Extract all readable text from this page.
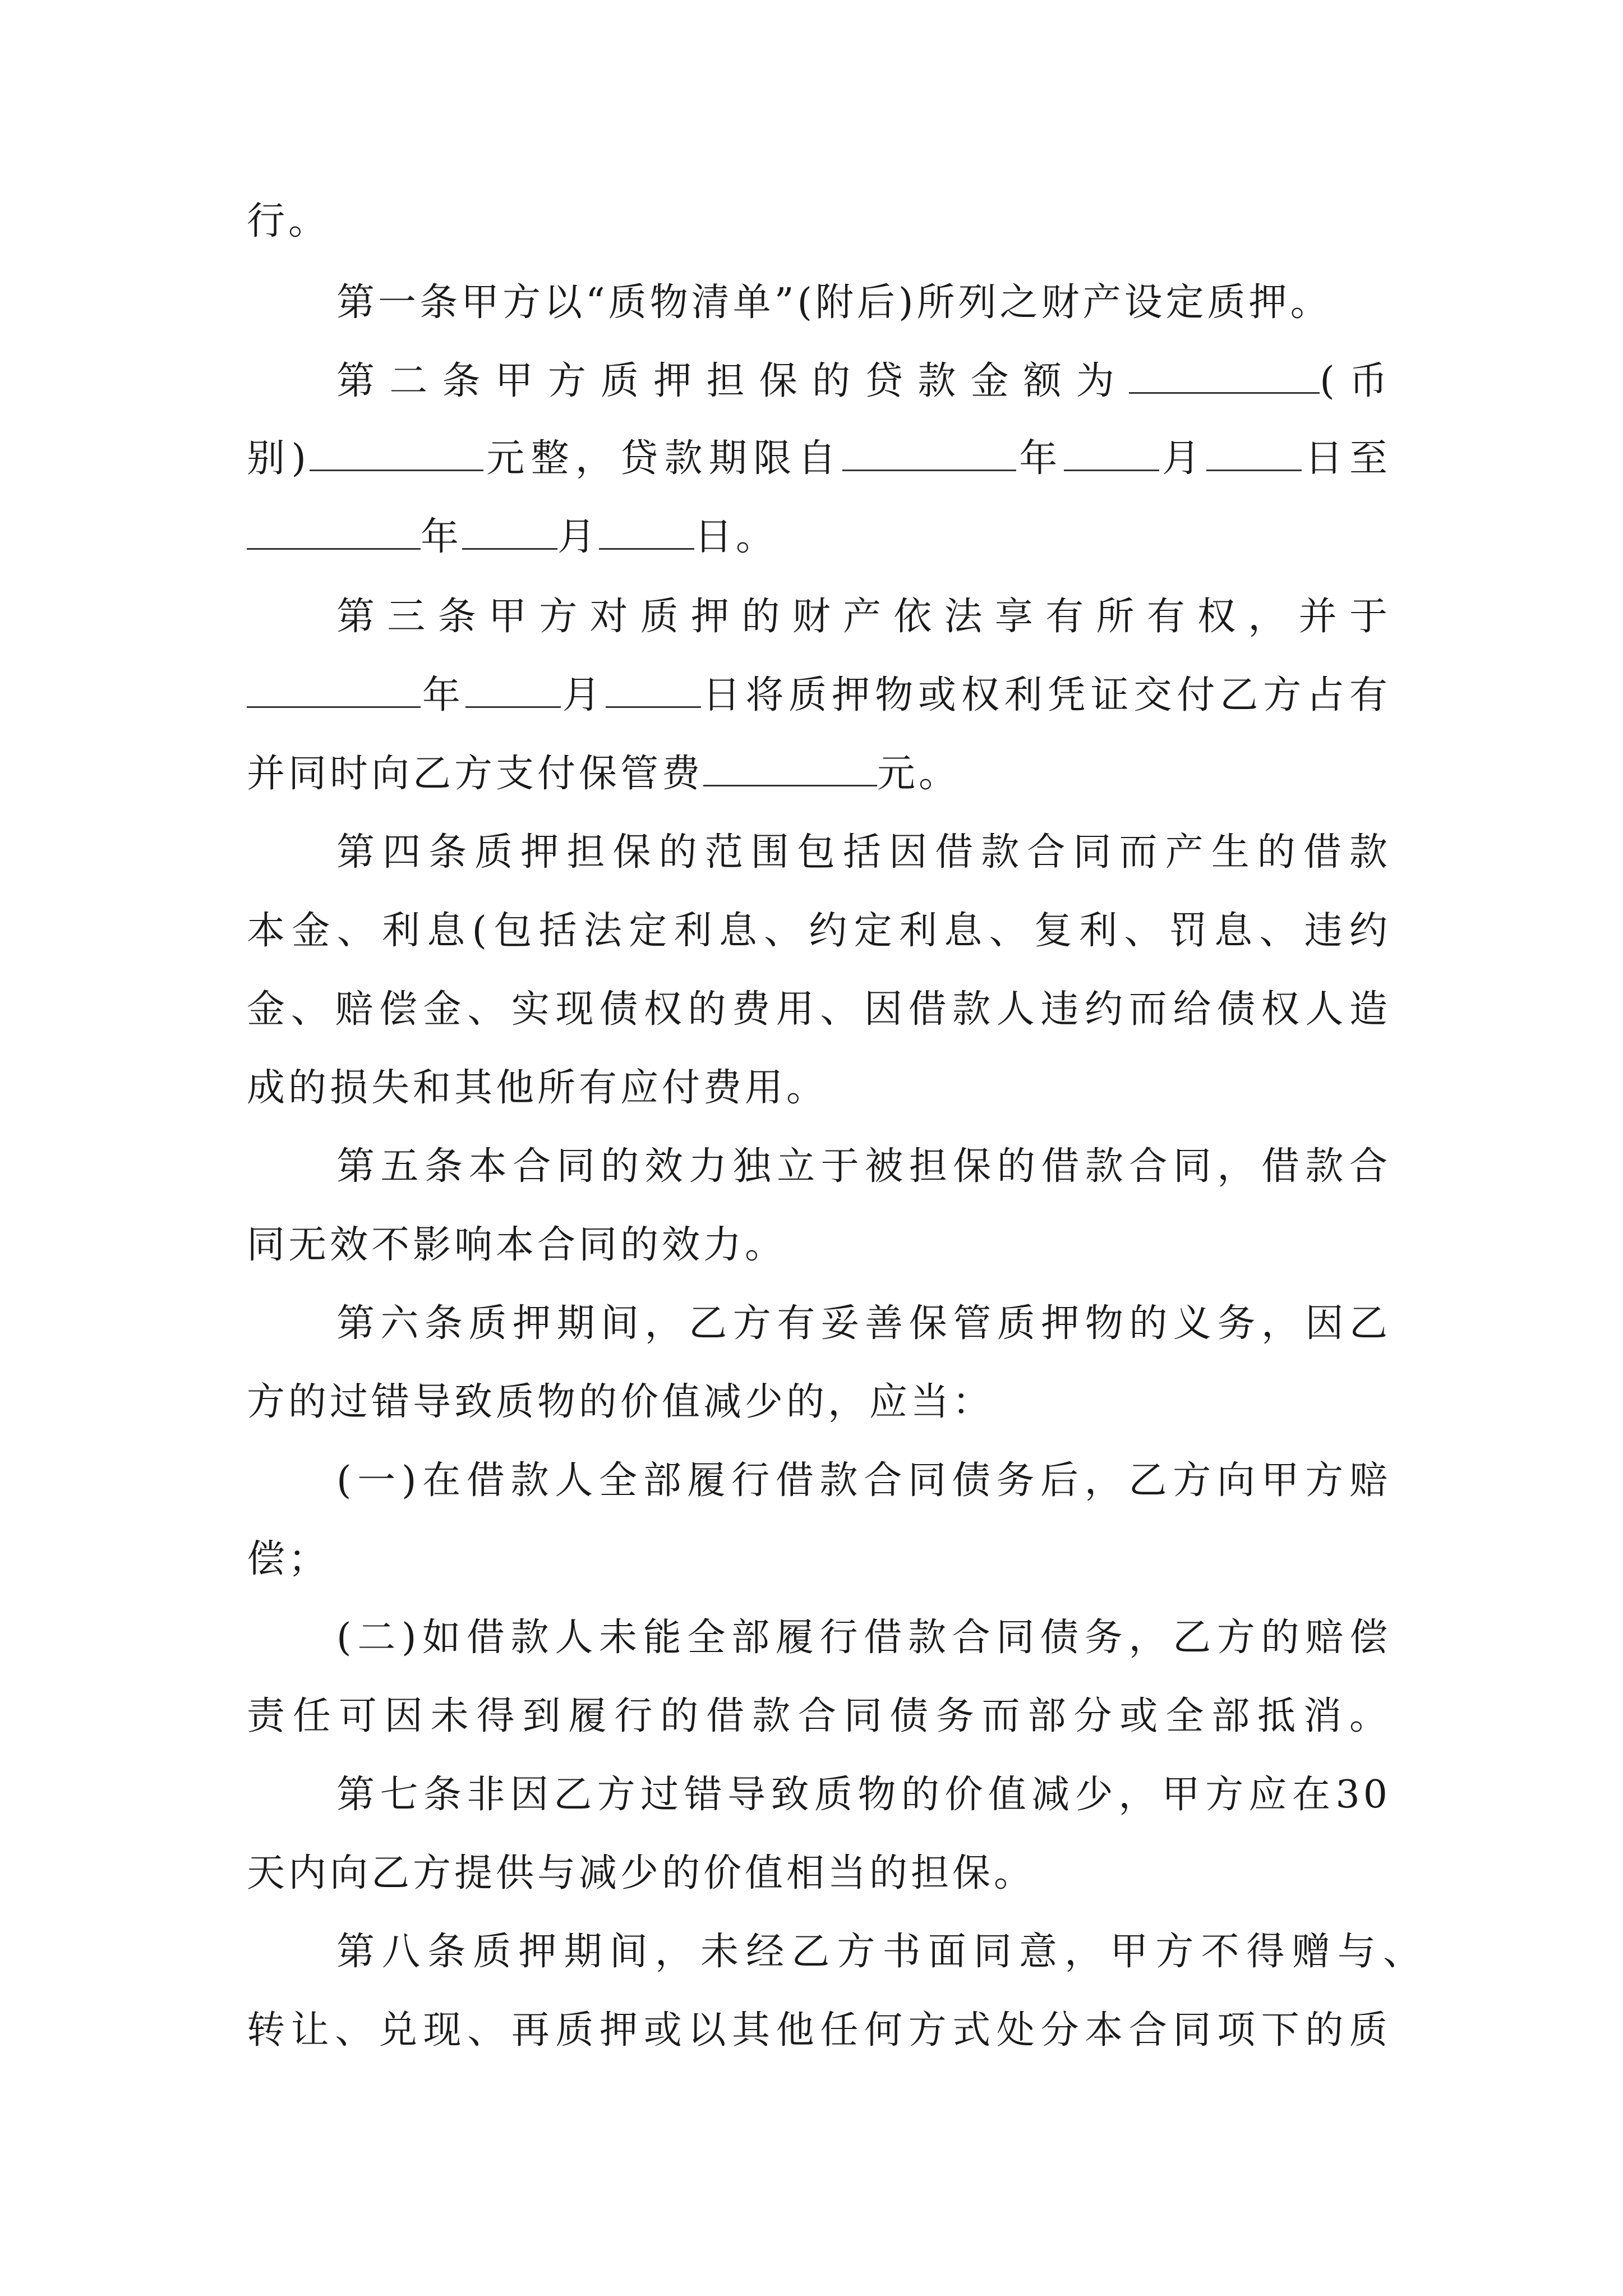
行。
第一条甲方以“质物清单”(附后)所列之财产设定质押。
第二条甲方质押担保的贷款金额为	(币
别)	元整，贷款期限自	年	月	日至
年	月	日。
第三条甲方对质押的财产依法享有所有权，并于
年	月	日将质押物或权利凭证交付乙方占有
并同时向乙方支付保管费	元。
第四条质押担保的范围包括因借款合同而产生的借款
本金、利息(包括法定利息、约定利息、复利、罚息、违约
金、赔偿金、实现债权的费用、因借款人违约而给债权人造
成的损失和其他所有应付费用。
第五条本合同的效力独立于被担保的借款合同，借款合
同无效不影响本合同的效力。
第六条质押期间，乙方有妥善保管质押物的义务，因乙
方的过错导致质物的价值减少的，应当：
(一)在借款人全部履行借款合同债务后，乙方向甲方赔
偿；
(二)如借款人未能全部履行借款合同债务，乙方的赔偿
责任可因未得到履行的借款合同债务而部分或全部抵消。
第七条非因乙方过错导致质物的价值减少，甲方应在30
天内向乙方提供与减少的价值相当的担保。
第八条质押期间，未经乙方书面同意，甲方不得赠与、
转让、兑现、再质押或以其他任何方式处分本合同项下的质
